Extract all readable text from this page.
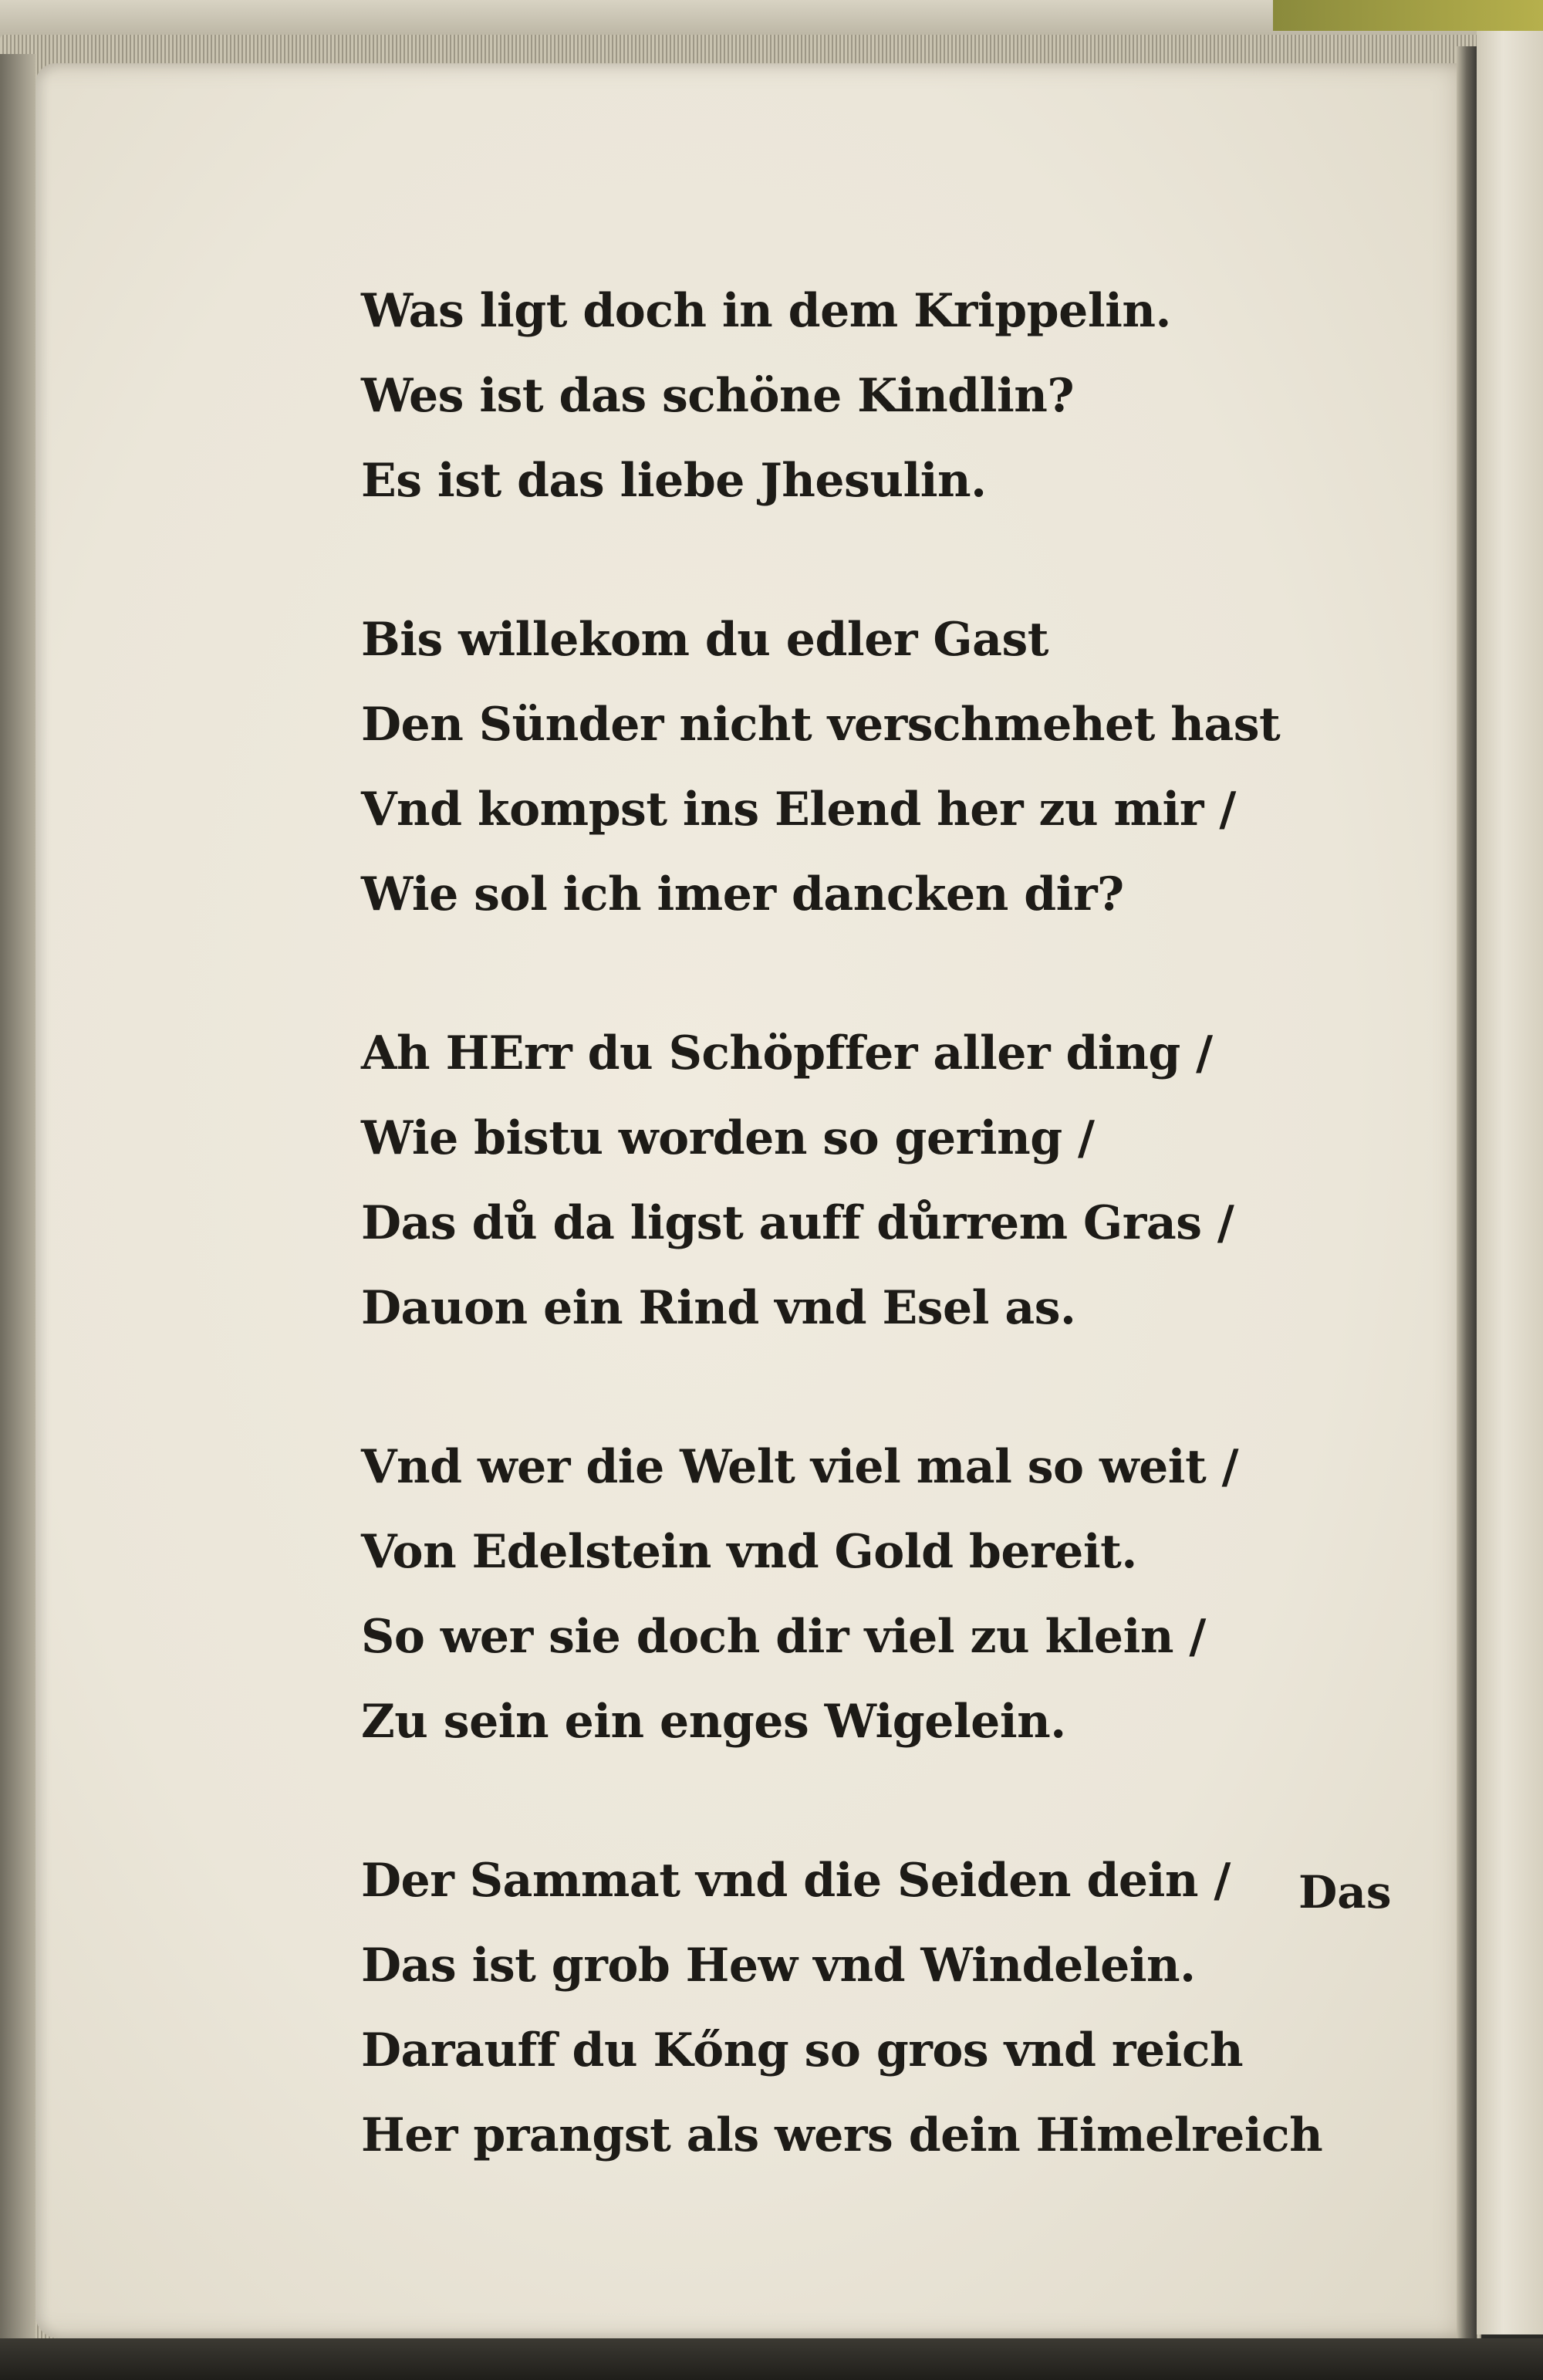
Was ligt doch in dem Krippelin.
Wes ist das schöne Kindlin?
Es ist das liebe Jhesulin.
Bis willekom du edler Gast
Den Sünder nicht verschmehet hast
Vnd kompst ins Elend her zu mir /
Wie sol ich imer dancken dir?
Ah HErr du Schöpffer aller ding /
Wie bistu worden so gering /
Das dů da ligst auff důrrem Gras /
Dauon ein Rind vnd Esel as.
Vnd wer die Welt viel mal so weit /
Von Edelstein vnd Gold bereit.
So wer sie doch dir viel zu klein /
Zu sein ein enges Wigelein.
Der Sammat vnd die Seiden dein /
Das ist grob Hew vnd Windelein.
Darauff du Kőng so gros vnd reich
Her prangst als wers dein Himelreich
Das
